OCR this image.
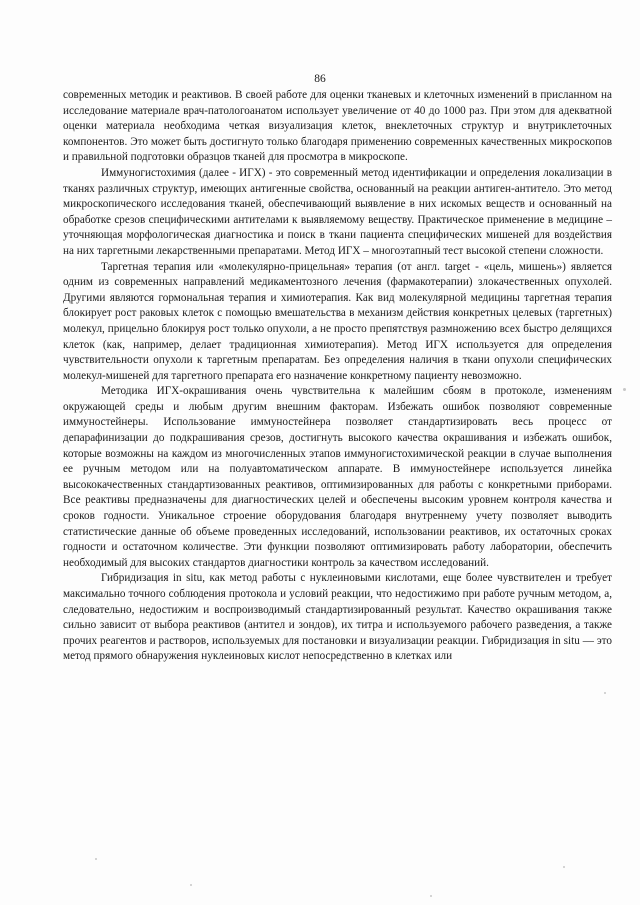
86

современных методик и реактивов. В своей работе для оценки тканевых и клеточных изменений в присланном на исследование материале врач-патологоанатом использует увеличение от 40 до 1000 раз. При этом для адекватной оценки материала необходима четкая визуализация клеток, внеклеточных структур и внутриклеточных компонентов. Это может быть достигнуто только благодаря применению современных качественных микроскопов и правильной подготовки образцов тканей для просмотра в микроскопе.

Иммуногистохимия (далее - ИГХ) - это современный метод идентификации и определения локализации в тканях различных структур, имеющих антигенные свойства, основанный на реакции антиген-антитело. Это метод микроскопического исследования тканей, обеспечивающий выявление в них искомых веществ и основанный на обработке срезов специфическими антителами к выявляемому веществу. Практическое применение в медицине – уточняющая морфологическая диагностика и поиск в ткани пациента специфических мишеней для воздействия на них таргетными лекарственными препаратами. Метод ИГХ – многоэтапный тест высокой степени сложности.

Таргетная терапия или «молекулярно-прицельная» терапия (от англ. target - «цель, мишень») является одним из современных направлений медикаментозного лечения (фармакотерапии) злокачественных опухолей. Другими являются гормональная терапия и химиотерапия. Как вид молекулярной медицины таргетная терапия блокирует рост раковых клеток с помощью вмешательства в механизм действия конкретных целевых (таргетных) молекул, прицельно блокируя рост только опухоли, а не просто препятствуя размножению всех быстро делящихся клеток (как, например, делает традиционная химиотерапия). Метод ИГХ используется для определения чувствительности опухоли к таргетным препаратам. Без определения наличия в ткани опухоли специфических молекул-мишеней для таргетного препарата его назначение конкретному пациенту невозможно.

Методика ИГХ-окрашивания очень чувствительна к малейшим сбоям в протоколе, изменениям окружающей среды и любым другим внешним факторам. Избежать ошибок позволяют современные иммуностейнеры. Использование иммуностейнера позволяет стандартизировать весь процесс от депарафинизации до подкрашивания срезов, достигнуть высокого качества окрашивания и избежать ошибок, которые возможны на каждом из многочисленных этапов иммуногистохимической реакции в случае выполнения ее ручным методом или на полуавтоматическом аппарате. В иммуностейнере используется линейка высококачественных стандартизованных реактивов, оптимизированных для работы с конкретными приборами. Все реактивы предназначены для диагностических целей и обеспечены высоким уровнем контроля качества и сроков годности. Уникальное строение оборудования благодаря внутреннему учету позволяет выводить статистические данные об объеме проведенных исследований, использовании реактивов, их остаточных сроках годности и остаточном количестве. Эти функции позволяют оптимизировать работу лаборатории, обеспечить необходимый для высоких стандартов диагностики контроль за качеством исследований.

Гибридизация in situ, как метод работы с нуклеиновыми кислотами, еще более чувствителен и требует максимально точного соблюдения протокола и условий реакции, что недостижимо при работе ручным методом, а, следовательно, недостижим и воспроизводимый стандартизированный результат. Качество окрашивания также сильно зависит от выбора реактивов (антител и зондов), их титра и используемого рабочего разведения, а также прочих реагентов и растворов, используемых для постановки и визуализации реакции. Гибридизация in situ — это метод прямого обнаружения нуклеиновых кислот непосредственно в клетках или
